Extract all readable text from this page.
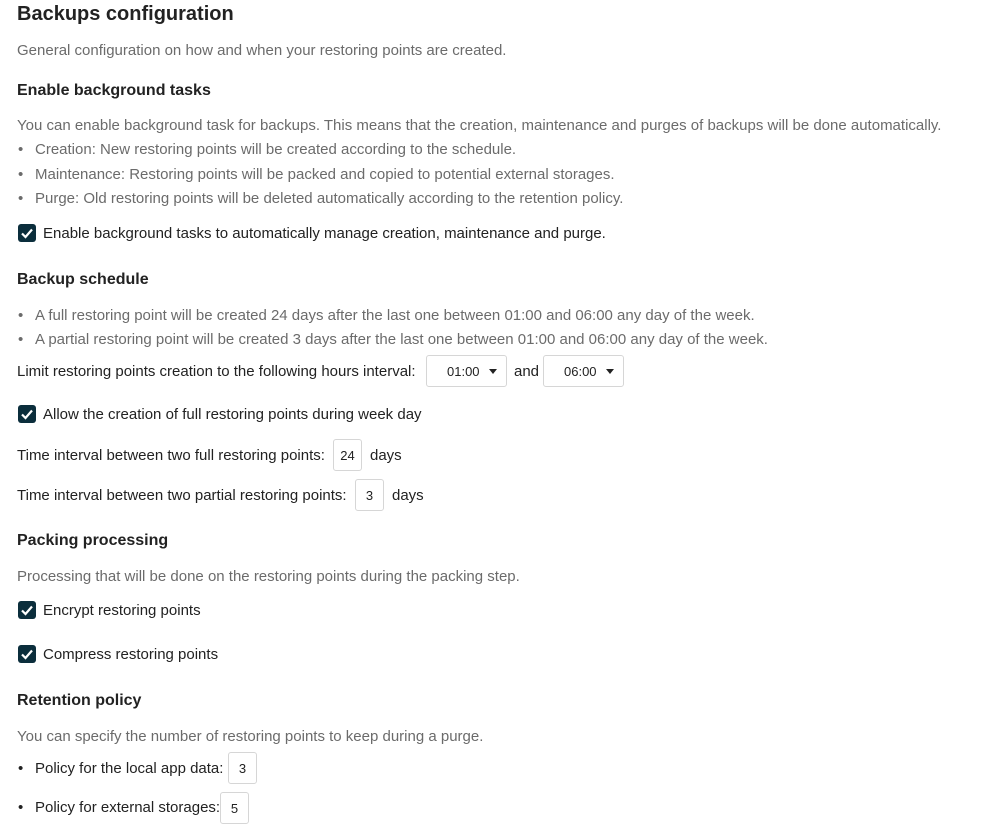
Backups configuration
General configuration on how and when your restoring points are created.
Enable background tasks
You can enable background task for backups. This means that the creation, maintenance and purges of backups will be done automatically.
• Creation: New restoring points will be created according to the schedule.
• Maintenance: Restoring points will be packed and copied to potential external storages.
• Purge: Old restoring points will be deleted automatically according to the retention policy.
Enable background tasks to automatically manage creation, maintenance and purge.
Backup schedule
• A full restoring point will be created 24 days after the last one between 01:00 and 06:00 any day of the week.
• A partial restoring point will be created 3 days after the last one between 01:00 and 06:00 any day of the week.
Limit restoring points creation to the following hours interval: 01:00 and 06:00
Allow the creation of full restoring points during week day
Time interval between two full restoring points:
24	days
Time interval between two partial restoring points:
3	days
Packing processing
Processing that will be done on the restoring points during the packing step.
Encrypt restoring points
Compress restoring points
Retention policy
You can specify the number of restoring points to keep during a purge.
• Policy for the local app data:
3
• Policy for external storages:
5
